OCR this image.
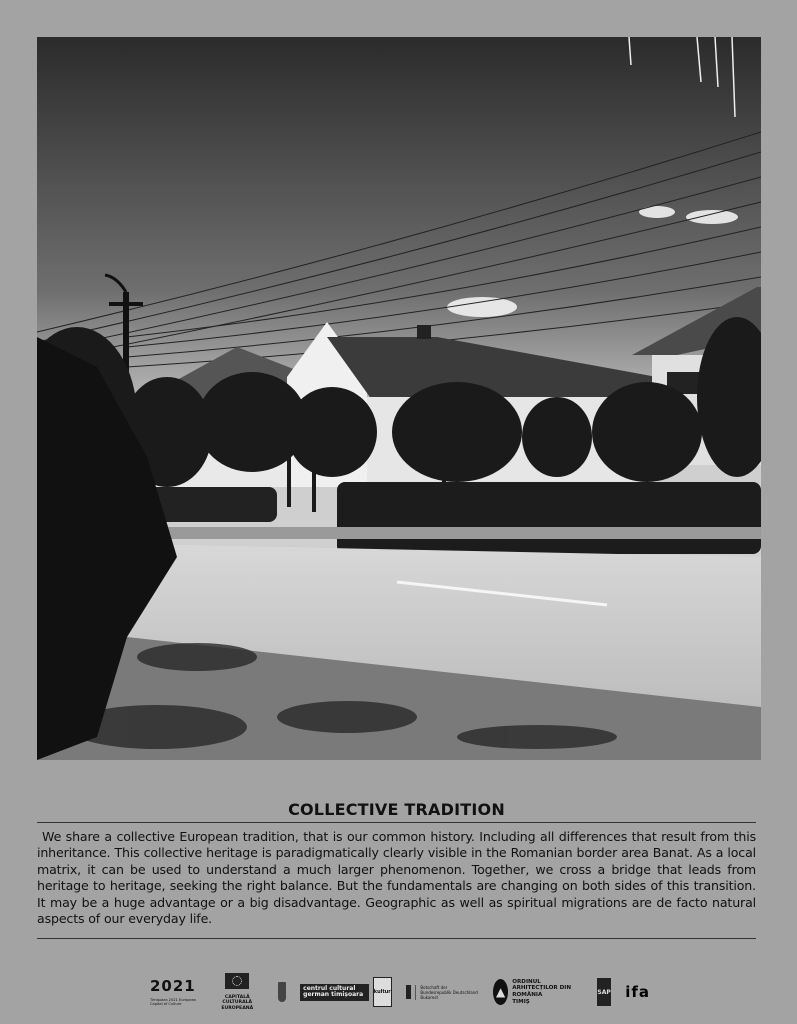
COLLECTIVE TRADITION
We share a collective European tradition, that is our common history. Including all differences that result from this inheritance. This collective heritage is paradigmatically clearly visible in the Romanian border area Banat. As a local matrix, it can be used to understand a much larger phenomenon. Together, we cross a bridge that leads from heritage to heritage, seeking the right balance. But the fundamentals are changing on both sides of this transition. It may be a huge advantage or a big disadvantage. Geographic as well as spiritual migrations are de facto natural aspects of our everyday life.
2021
Timișoara 2021 European Capital of Culture
CAPITALĂ CULTURALĂ EUROPEANĂ
centrul cultural german timișoara	kultur
Botschaft der Bundesrepublik Deutschland Bukarest	▲
ORDINUL ARHITECȚILOR DIN ROMÂNIA
TIMIȘ
SAP ifa
